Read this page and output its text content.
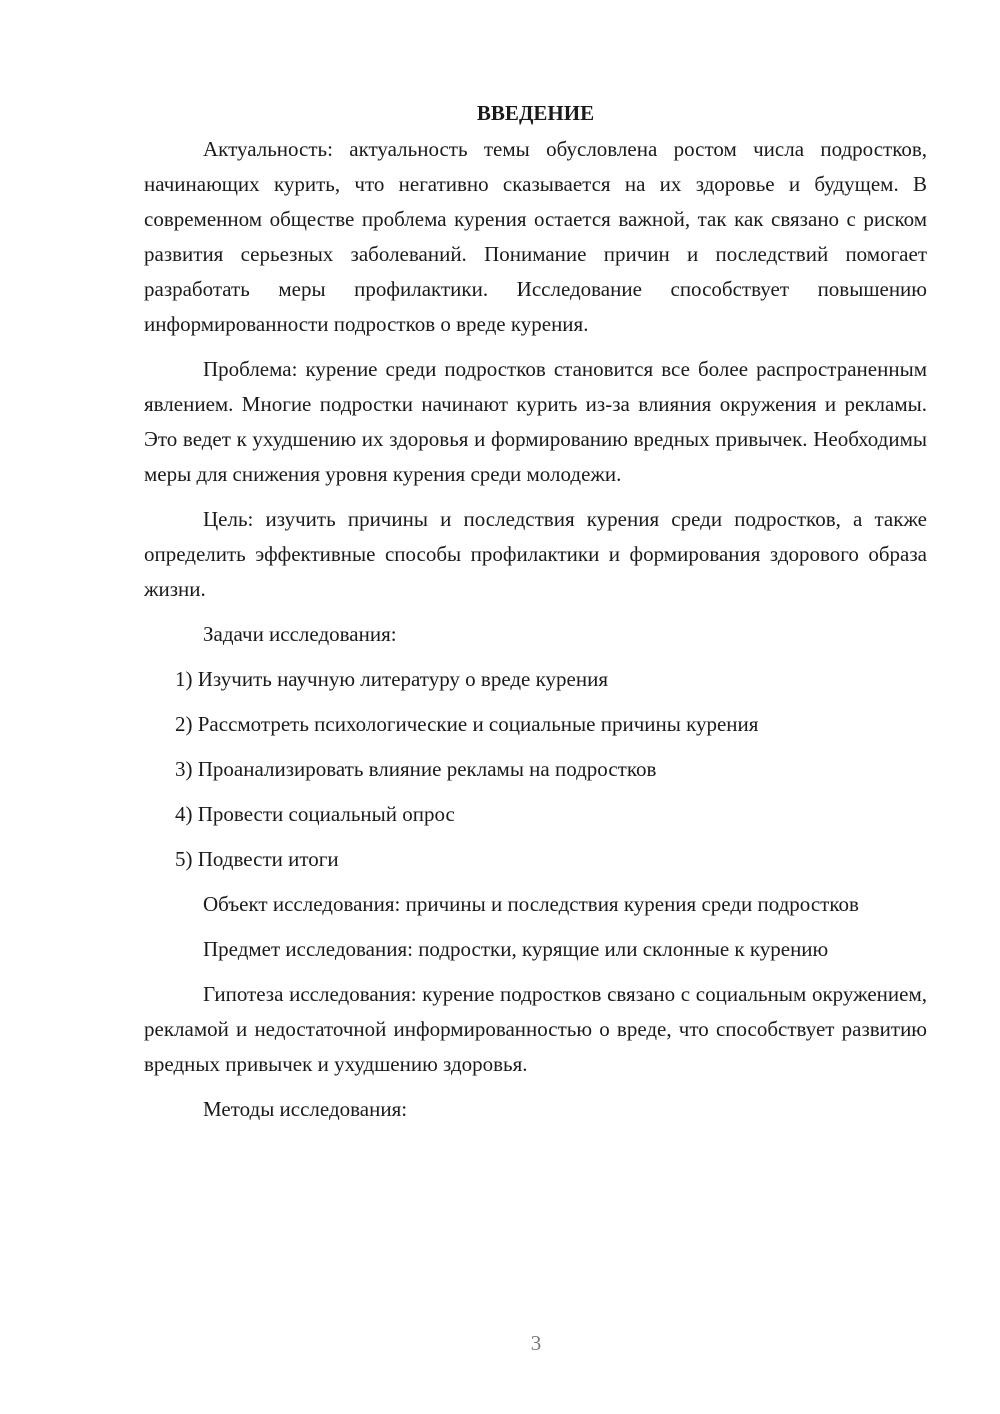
ВВЕДЕНИЕ

Актуальность: актуальность темы обусловлена ростом числа подростков, начинающих курить, что негативно сказывается на их здоровье и будущем. В современном обществе проблема курения остается важной, так как связано с риском развития серьезных заболеваний. Понимание причин и последствий помогает разработать меры профилактики. Исследование способствует повышению информированности подростков о вреде курения.

Проблема: курение среди подростков становится все более распространенным явлением. Многие подростки начинают курить из-за влияния окружения и рекламы. Это ведет к ухудшению их здоровья и формированию вредных привычек. Необходимы меры для снижения уровня курения среди молодежи.

Цель: изучить причины и последствия курения среди подростков, а также определить эффективные способы профилактики и формирования здорового образа жизни.

Задачи исследования:

1) Изучить научную литературу о вреде курения

2) Рассмотреть психологические и социальные причины курения

3) Проанализировать влияние рекламы на подростков

4) Провести социальный опрос

5) Подвести итоги

Объект исследования: причины и последствия курения среди подростков

Предмет исследования: подростки, курящие или склонные к курению

Гипотеза исследования: курение подростков связано с социальным окружением, рекламой и недостаточной информированностью о вреде, что способствует развитию вредных привычек и ухудшению здоровья.

Методы исследования:

3
